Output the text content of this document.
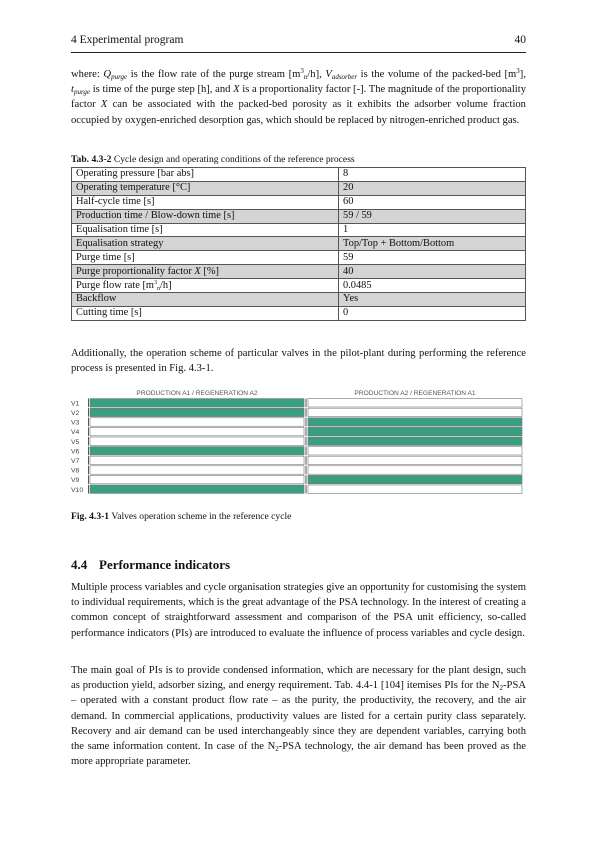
4 Experimental program	40

where: $Q_{purge}$ is the flow rate of the purge stream $[m^3n/h]$, $V_{adsorber}$ is the volume of the packed-bed $[m^3]$, $t_{purge}$ is time of the purge step [h], and X is a proportionality factor [-]. The magnitude of the proportionality factor X can be associated with the packed-bed porosity as it exhibits the adsorber volume fraction occupied by oxygen-enriched desorption gas, which should be replaced by nitrogen-enriched product gas.

Tab. 4.3-2 Cycle design and operating conditions of the reference process
Operating pressure [bar abs]	8
Operating temperature [°C]	20
Half-cycle time [s]	60
Production time / Blow-down time [s]	59 / 59
Equalisation time [s]	1
Equalisation strategy	Top/Top + Bottom/Bottom
Purge time [s]	59
Purge proportionality factor X [%]	40
Purge flow rate $[m^3_n/h]$	0.0485
Backflow	Yes
Cutting time [s]	0

Additionally, the operation scheme of particular valves in the pilot-plant during performing the reference process is presented in Fig. 4.3-1.

PRODUCTION A1 / REGENERATION A2	PRODUCTION A2 / REGENERATION A1
V1
V2
V3
V4
V5
V6
V7
V8
V9
V10
Fig. 4.3-1 Valves operation scheme in the reference cycle
4.4 Performance indicators

Multiple process variables and cycle organisation strategies give an opportunity for customising the system to individual requirements, which is the great advantage of the PSA technology. In the interest of creating a common concept of straightforward assessment and comparison of the PSA unit efficiency, so-called performance indicators (PIs) are introduced to evaluate the influence of process variables and cycle design.

The main goal of PIs is to provide condensed information, which are necessary for the plant design, such as production yield, adsorber sizing, and energy requirement. Tab. 4.4-1 [104] itemises PIs for the N2-PSA – operated with a constant product flow rate – as the purity, the productivity, the recovery, and the air demand. In commercial applications, productivity values are listed for a certain purity class separately. Recovery and air demand can be used interchangeably since they are dependent variables, carrying both the same information content. In case of the N2-PSA technology, the air demand has been proved as the more appropriate parameter.
